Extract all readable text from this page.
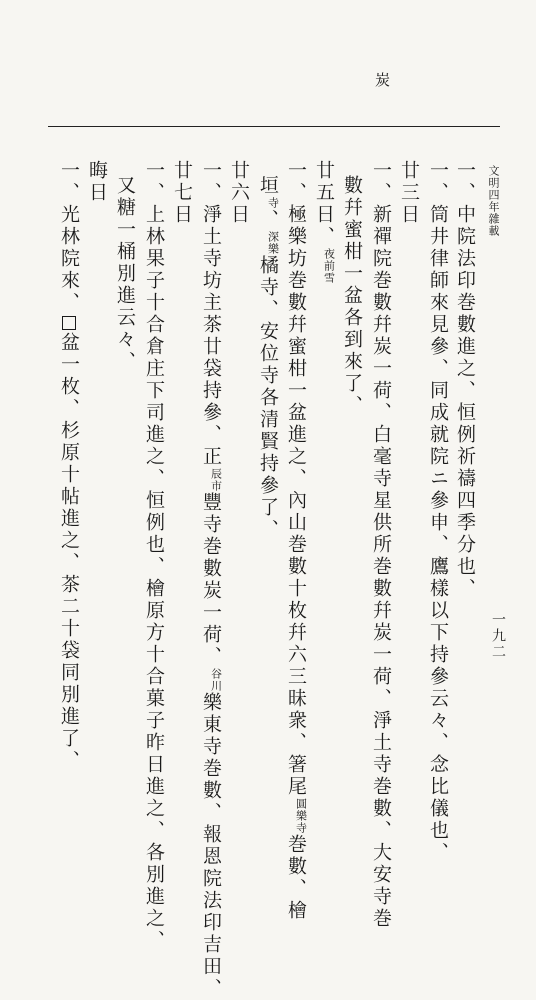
炭
文明四年雜載
一九二
一、中院法印巻數進之、恒例祈禱四季分也、
一、筒井律師來見參、同成就院ニ參申、鷹樣以下持參云々、念比儀也、
廿三日
一、新禪院巻數幷炭一荷、白毫寺星供所巻數幷炭一荷、淨土寺巻數、大安寺巻
數幷蜜柑一盆各到來了、
廿五日、夜前雪
一、極樂坊巻數幷蜜柑一盆進之、內山巻數十枚幷六三昧衆、箸尾圓樂寺巻數、檜
垣寺、深樂橘寺、安位寺各清賢持參了、
廿六日
一、淨土寺坊主茶廿袋持參、正辰市豐寺巻數炭一荷、谷川樂東寺巻數、報恩院法印吉田、
廿七日
一、上林果子十合倉庄下司進之、恒例也、檜原方十合菓子昨日進之、各別進之、
又糖一桶別進云々、
晦日
一、光林院來、盆一枚、杉原十帖進之、茶二十袋同別進了、
